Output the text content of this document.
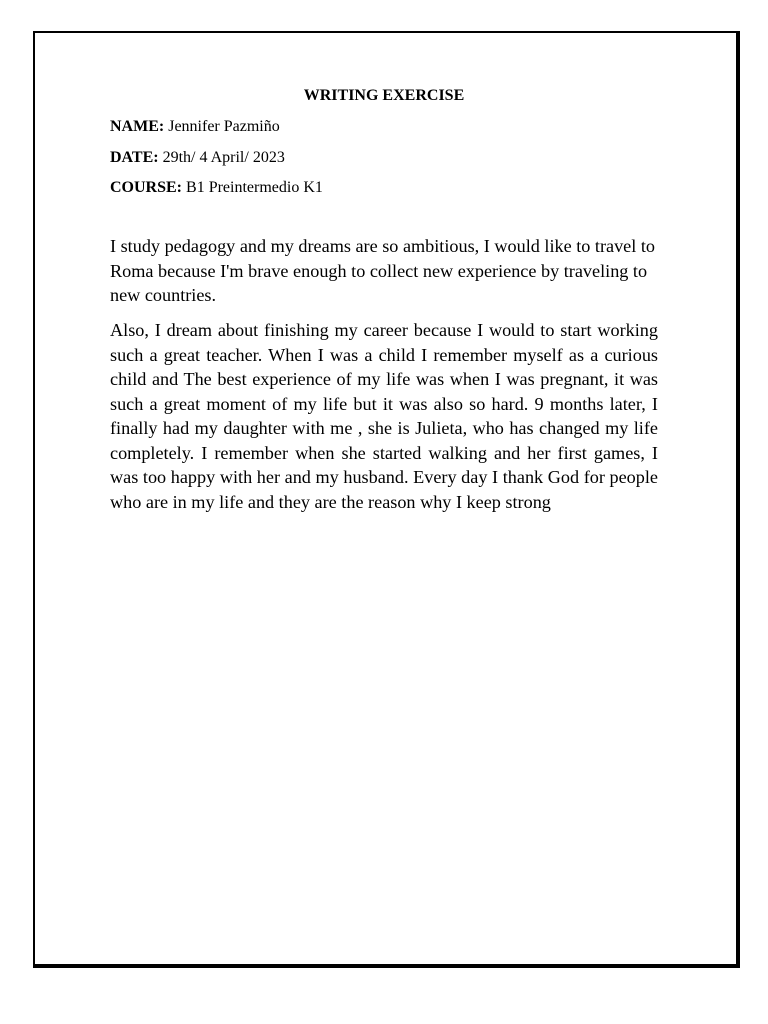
WRITING EXERCISE
NAME: Jennifer Pazmiño
DATE: 29th/ 4 April/ 2023
COURSE: B1 Preintermedio K1

I study pedagogy and my dreams are so ambitious, I would like to travel to Roma because I'm brave enough to collect new experience by traveling to new countries.

Also, I dream about finishing my career because I would to start working such a great teacher. When I was a child I remember myself as a curious child and The best experience of my life was when I was pregnant, it was such a great moment of my life but it was also so hard. 9 months later, I finally had my daughter with me , she is Julieta, who has changed my life completely. I remember when she started walking and her first games, I was too happy with her and my husband. Every day I thank God for people who are in my life and they are the reason why I keep strong
